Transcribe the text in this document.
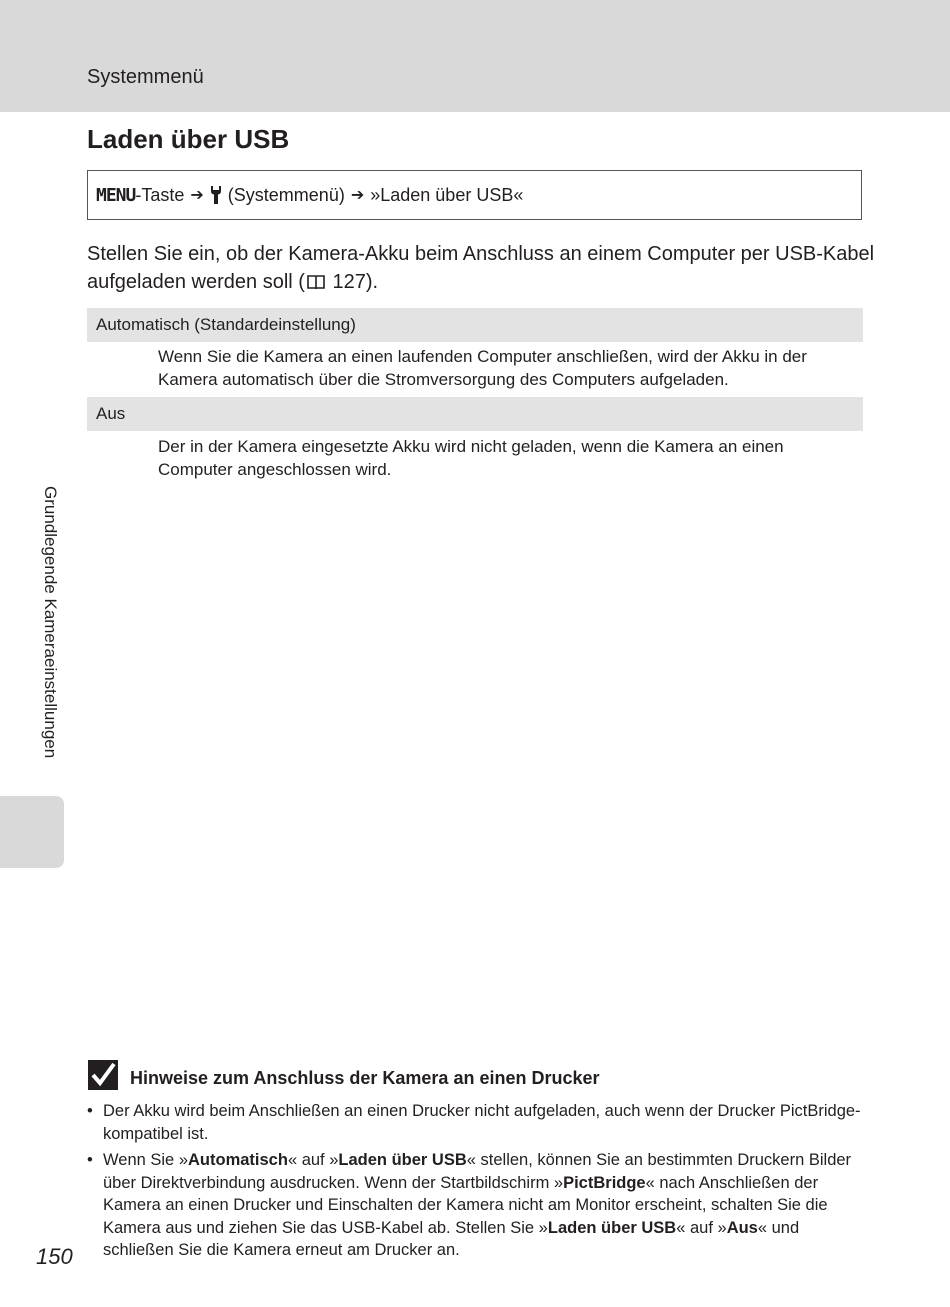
Systemmenü
Laden über USB
MENU-Taste ➔ (Systemmenü) ➔ »Laden über USB«

Stellen Sie ein, ob der Kamera-Akku beim Anschluss an einem Computer per USB-Kabel aufgeladen werden soll ( 127).

Automatisch (Standardeinstellung)

Wenn Sie die Kamera an einen laufenden Computer anschließen, wird der Akku in der Kamera automatisch über die Stromversorgung des Computers aufgeladen.

Aus

Der in der Kamera eingesetzte Akku wird nicht geladen, wenn die Kamera an einen Computer angeschlossen wird.

Grundlegende Kameraeinstellungen
Hinweise zum Anschluss der Kamera an einen Drucker
• Der Akku wird beim Anschließen an einen Drucker nicht aufgeladen, auch wenn der Drucker PictBridge-kompatibel ist.
• Wenn Sie »Automatisch« auf »Laden über USB« stellen, können Sie an bestimmten Druckern Bilder über Direktverbindung ausdrucken. Wenn der Startbildschirm »PictBridge« nach Anschließen der Kamera an einen Drucker und Einschalten der Kamera nicht am Monitor erscheint, schalten Sie die Kamera aus und ziehen Sie das USB-Kabel ab. Stellen Sie »Laden über USB« auf »Aus« und schließen Sie die Kamera erneut am Drucker an.
150
